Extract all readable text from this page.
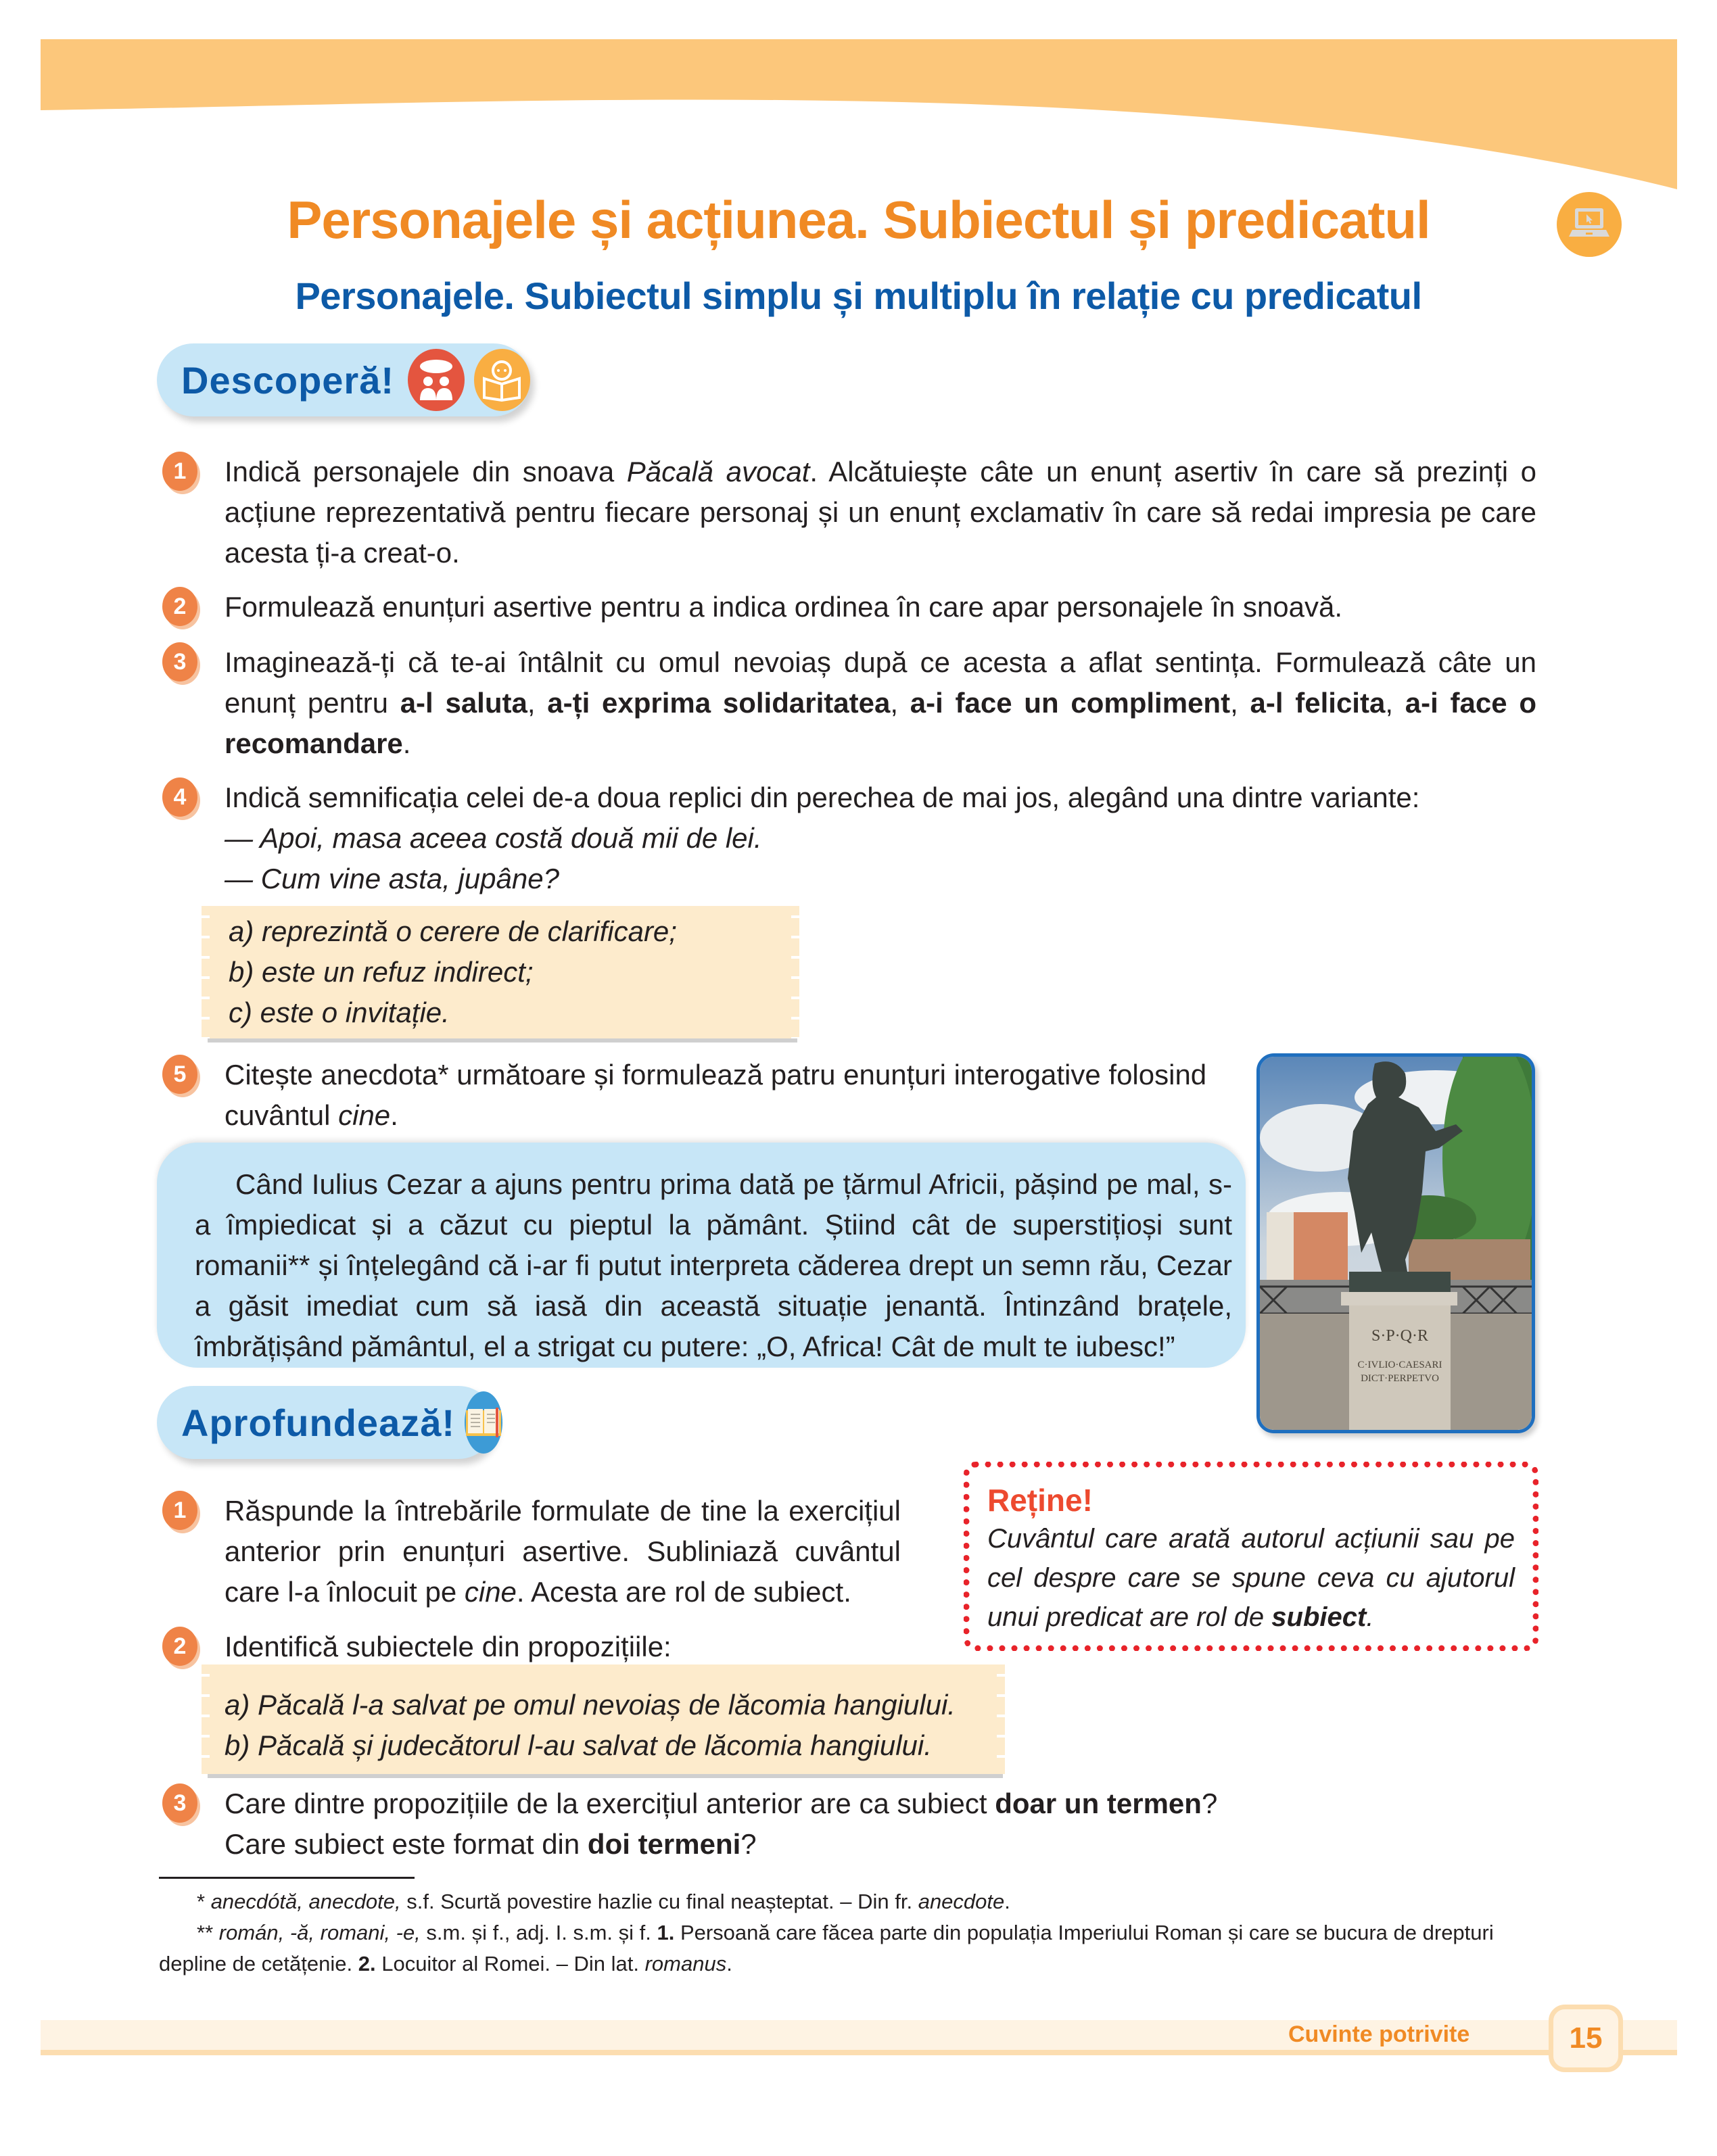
Personajele și acțiunea. Subiectul și predicatul
Personajele. Subiectul simplu și multiplu în relație cu predicatul
Descoperă!
1 Indică personajele din snoava Păcală avocat. Alcătuiește câte un enunț asertiv în care să prezinți o acțiune reprezentativă pentru fiecare personaj și un enunț exclamativ în care să redai impresia pe care acesta ți-a creat-o.

2 Formulează enunțuri asertive pentru a indica ordinea în care apar personajele în snoavă.

3 Imaginează-ți că te-ai întâlnit cu omul nevoiaș după ce acesta a aflat sentința. Formulează câte un enunț pentru a-l saluta, a-ți exprima solidaritatea, a-i face un compliment, a-l felicita, a-i face o recomandare.

4 Indică semnificația celei de-a doua replici din perechea de mai jos, alegând una dintre variante:

— Apoi, masa aceea costă două mii de lei.

— Cum vine asta, jupâne?

a) reprezintă o cerere de clarificare;

b) este un refuz indirect;

c) este o invitație.

5 Citește anecdota* următoare și formulează patru enunțuri interogative folosind cuvântul cine.

Când Iulius Cezar a ajuns pentru prima dată pe țărmul Africii, pășind pe mal, s-a împiedicat și a căzut cu pieptul la pământ. Știind cât de superstițioși sunt romanii** și înțelegând că i-ar fi putut interpreta căderea drept un semn rău, Cezar a găsit imediat cum să iasă din această situație jenantă. Întinzând brațele, îmbrățișând pământul, el a strigat cu putere: „O, Africa! Cât de mult te iubesc!”	S·P·Q·R
C·IVLIO·CAESARI
DICT·PERPETVO
Aprofundează!
1 Răspunde la întrebările formulate de tine la exercițiul anterior prin enunțuri asertive. Subliniază cuvântul care l-a înlocuit pe cine. Acesta are rol de subiect.

2 Identifică subiectele din propozițiile:

a) Păcală l-a salvat pe omul nevoiaș de lăcomia hangiului.

b) Păcală și judecătorul l-au salvat de lăcomia hangiului.

3 Care dintre propozițiile de la exercițiul anterior are ca subiect doar un termen?

Care subiect este format din doi termeni?

Reține!

Cuvântul care arată autorul acțiunii sau pe cel despre care se spune ceva cu ajutorul unui predicat are rol de subiect.

* anecdótă, anecdote, s.f. Scurtă povestire hazlie cu final neașteptat. – Din fr. anecdote.

** román, -ă, romani, -e, s.m. și f., adj. I. s.m. și f. 1. Persoană care făcea parte din populația Imperiului Roman și care se bucura de drepturi depline de cetățenie. 2. Locuitor al Romei. – Din lat. romanus.

Cuvinte potrivite	15
